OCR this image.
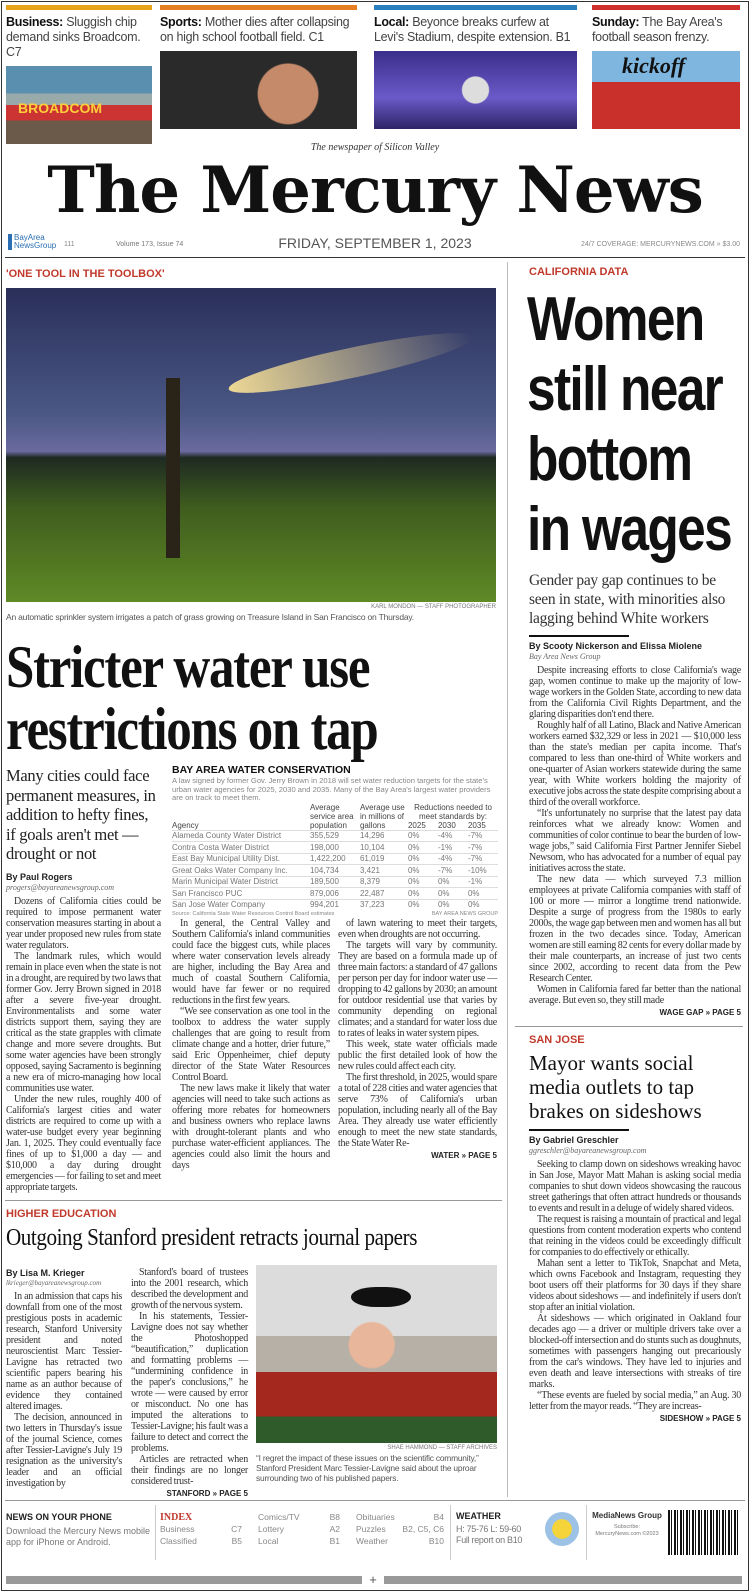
Business: Sluggish chip demand sinks Broadcom. C7
BROADCOM
Sports: Mother dies after collapsing on high school football field. C1
Local: Beyonce breaks curfew at Levi's Stadium, despite extension. B1
Sunday: The Bay Area's football season frenzy.
kickoff
The newspaper of Silicon Valley
The Mercury News
BayArea NewsGroup 111	Volume 173, Issue 74	FRIDAY, SEPTEMBER 1, 2023	24/7 COVERAGE: MERCURYNEWS.COM » $3.00
'ONE TOOL IN THE TOOLBOX'
KARL MONDON — STAFF PHOTOGRAPHER
An automatic sprinkler system irrigates a patch of grass growing on Treasure Island in San Francisco on Thursday.
Stricter water use restrictions on tap
Many cities could face permanent measures, in addition to hefty fines, if goals aren't met — drought or not
By Paul Rogers
progers@bayareanewsgroup.com

Dozens of California cities could be required to impose permanent water conservation measures starting in about a year under proposed new rules from state water regulators.

The landmark rules, which would remain in place even when the state is not in a drought, are required by two laws that former Gov. Jerry Brown signed in 2018 after a severe five-year drought. Environmentalists and some water districts support them, saying they are critical as the state grapples with climate change and more severe droughts. But some water agencies have been strongly opposed, saying Sacramento is beginning a new era of micro-managing how local communities use water.

Under the new rules, roughly 400 of California's largest cities and water districts are required to come up with a water-use budget every year beginning Jan. 1, 2025. They could eventually face fines of up to $1,000 a day — and $10,000 a day during drought emergencies — for failing to set and meet appropriate targets.

In general, the Central Valley and Southern California's inland communities could face the biggest cuts, while places where water conservation levels already are higher, including the Bay Area and much of coastal Southern California, would have far fewer or no required reductions in the first few years.

“We see conservation as one tool in the toolbox to address the water supply challenges that are going to result from climate change and a hotter, drier future,” said Eric Oppenheimer, chief deputy director of the State Water Resources Control Board.

The new laws make it likely that water agencies will need to take such actions as offering more rebates for homeowners and business owners who replace lawns with drought-tolerant plants and who purchase water-efficient appliances. The agencies could also limit the hours and days

of lawn watering to meet their targets, even when droughts are not occurring.

The targets will vary by community. They are based on a formula made up of three main factors: a standard of 47 gallons per person per day for indoor water use — dropping to 42 gallons by 2030; an amount for outdoor residential use that varies by community depending on regional climates; and a standard for water loss due to rates of leaks in water system pipes.

This week, state water officials made public the first detailed look of how the new rules could affect each city.

The first threshold, in 2025, would spare a total of 228 cities and water agencies that serve 73% of California's urban population, including nearly all of the Bay Area. They already use water efficiently enough to meet the new state standards, the State Water Re-

WATER » PAGE 5
BAY AREA WATER CONSERVATION
A law signed by former Gov. Jerry Brown in 2018 will set water reduction targets for the state's urban water agencies for 2025, 2030 and 2035. Many of the Bay Area's largest water providers are on track to meet them.
Agency	Average service area population	Average use in millions of gallons	Reductions needed to meet standards by:		
			2025	2030	2035
Alameda County Water District	355,529	14,296	0%	-4%	-7%
Contra Costa Water District	198,000	10,104	0%	-1%	-7%
East Bay Municipal Utility Dist.	1,422,200	61,019	0%	-4%	-7%
Great Oaks Water Company Inc.	104,734	3,421	0%	-7%	-10%
Marin Municipal Water District	189,500	8,379	0%	0%	-1%
San Francisco PUC	879,006	22,487	0%	0%	0%
San Jose Water Company	994,201	37,223	0%	0%	0%
Source: California State Water Resources Control Board estimates	BAY AREA NEWS GROUP
HIGHER EDUCATION
Outgoing Stanford president retracts journal papers
By Lisa M. Krieger
lkrieger@bayareanewsgroup.com

In an admission that caps his downfall from one of the most prestigious posts in academic research, Stanford University president and noted neuroscientist Marc Tessier-Lavigne has retracted two scientific papers bearing his name as an author because of evidence they contained altered images.

The decision, announced in two letters in Thursday's issue of the journal Science, comes after Tessier-Lavigne's July 19 resignation as the university's leader and an official investigation by

Stanford's board of trustees into the 2001 research, which described the development and growth of the nervous system.

In his statements, Tessier-Lavigne does not say whether the Photoshopped “beautification,” duplication and formatting problems — “undermining confidence in the paper's conclusions,” he wrote — were caused by error or misconduct. No one has imputed the alterations to Tessier-Lavigne; his fault was a failure to detect and correct the problems.

Articles are retracted when their findings are no longer considered trust-

STANFORD » PAGE 5
SHAE HAMMOND — STAFF ARCHIVES
“I regret the impact of these issues on the scientific community,” Stanford President Marc Tessier-Lavigne said about the uproar surrounding two of his published papers.
CALIFORNIA DATA
Women still near bottom in wages
Gender pay gap continues to be seen in state, with minorities also lagging behind White workers
By Scooty Nickerson and Elissa Miolene
Bay Area News Group

Despite increasing efforts to close California's wage gap, women continue to make up the majority of low-wage workers in the Golden State, according to new data from the California Civil Rights Department, and the glaring disparities don't end there.

Roughly half of all Latino, Black and Native American workers earned $32,329 or less in 2021 — $10,000 less than the state's median per capita income. That's compared to less than one-third of White workers and one-quarter of Asian workers statewide during the same year, with White workers holding the majority of executive jobs across the state despite comprising about a third of the overall workforce.

“It's unfortunately no surprise that the latest pay data reinforces what we already know: Women and communities of color continue to bear the burden of low-wage jobs,” said California First Partner Jennifer Siebel Newsom, who has advocated for a number of equal pay initiatives across the state.

The new data — which surveyed 7.3 million employees at private California companies with staff of 100 or more — mirror a longtime trend nationwide. Despite a surge of progress from the 1980s to early 2000s, the wage gap between men and women has all but frozen in the two decades since. Today, American women are still earning 82 cents for every dollar made by their male counterparts, an increase of just two cents since 2002, according to recent data from the Pew Research Center.

Women in California fared far better than the national average. But even so, they still made

WAGE GAP » PAGE 5
SAN JOSE
Mayor wants social media outlets to tap brakes on sideshows
By Gabriel Greschler
ggreschler@bayareanewsgroup.com

Seeking to clamp down on sideshows wreaking havoc in San Jose, Mayor Matt Mahan is asking social media companies to shut down videos showcasing the raucous street gatherings that often attract hundreds or thousands to events and result in a deluge of widely shared videos.

The request is raising a mountain of practical and legal questions from content moderation experts who contend that reining in the videos could be exceedingly difficult for companies to do effectively or ethically.

Mahan sent a letter to TikTok, Snapchat and Meta, which owns Facebook and Instagram, requesting they boot users off their platforms for 30 days if they share videos about sideshows — and indefinitely if users don't stop after an initial violation.

At sideshows — which originated in Oakland four decades ago — a driver or multiple drivers take over a blocked-off intersection and do stunts such as doughnuts, sometimes with passengers hanging out precariously from the car's windows. They have led to injuries and even death and leave intersections with streaks of tire marks.

“These events are fueled by social media,” an Aug. 30 letter from the mayor reads. “They are increas-

SIDESHOW » PAGE 5
NEWS ON YOUR PHONE
Download the Mercury News mobile app for iPhone or Android.
INDEX
Business	C7
Classified	B5
Comics/TV	B8
Lottery	A2
Local	B1
Obituaries	B4
Puzzles B2, C5, C6
Weather	B10
WEATHER
H: 75-76 L: 59-60
Full report on B10
MediaNews Group
Subscribe: MercuryNews.com ©2023
+
